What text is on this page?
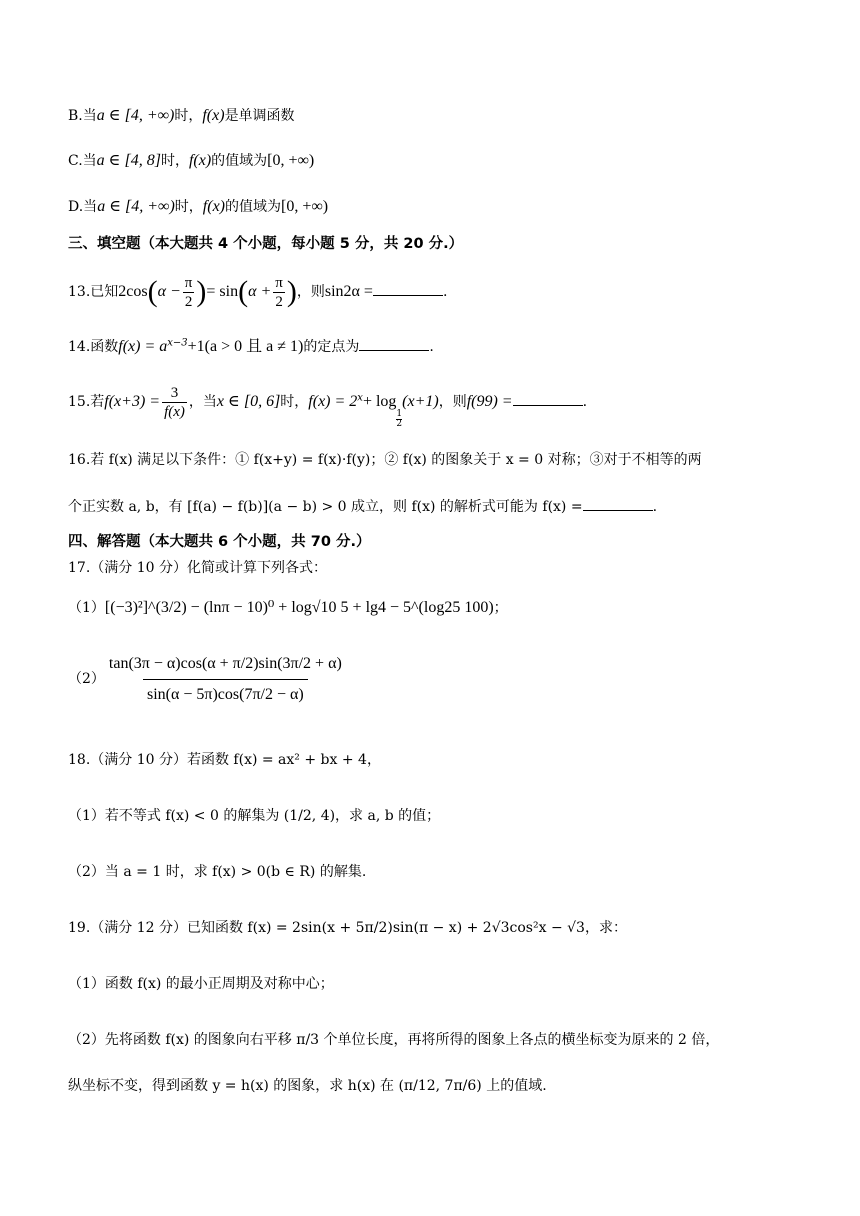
B.当a ∈ [4, +∞)时，f(x)是单调函数
C.当a ∈ [4, 8]时，f(x)的值域为[0, +∞)
D.当a ∈ [4, +∞)时，f(x)的值域为[0, +∞)
三、填空题（本大题共 4 个小题，每小题 5 分，共 20 分.）
13.已知$2\cos(\alpha - \frac{\pi}{2}$ )= $\sin(\alpha + \frac{\pi}{2}$ )，则sin2α =	.
14.函数$f(x) = a^{x-3}+1(a > 0$ 且 a ≠ 1)的定点为	.
15.若$f(x+3) = \frac{3}{f(x)}$ ，当x ∈ [0, 6]时，$f(x) = 2^x+ \log$
$\frac{1}{2}$
(x+1)，则f(99) =	.
16.若 f(x) 满足以下条件：① f(x+y) = f(x)·f(y)；② f(x) 的图象关于 x = 0 对称；③对于不相等的两
个正实数 a, b，有 [f(a) − f(b)](a − b) > 0 成立，则 f(x) 的解析式可能为 f(x) =	.
四、解答题（本大题共 6 个小题，共 70 分.）
17.（满分 10 分）化简或计算下列各式：
（1）[(−3)²]^(3/2) − (lnπ − 10)⁰ + log√10 5 + lg4 − 5^(log25 100)；
$(2) \frac{\tan(3\pi - \alpha)\cos(\alpha + \pi/2)\sin(3\pi/2 + \alpha)}{\sin(\alpha - 5\pi)\cos(7\pi/2 - \alpha)}$
18.（满分 10 分）若函数 f(x) = ax² + bx + 4，
（1）若不等式 f(x) < 0 的解集为 (1/2, 4)，求 a, b 的值；
（2）当 a = 1 时，求 f(x) > 0(b ∈ R) 的解集.
19.（满分 12 分）已知函数 f(x) = 2sin(x + 5π/2)sin(π − x) + 2√3cos²x − √3，求：
（1）函数 f(x) 的最小正周期及对称中心；
（2）先将函数 f(x) 的图象向右平移 π/3 个单位长度，再将所得的图象上各点的横坐标变为原来的 2 倍，
纵坐标不变，得到函数 y = h(x) 的图象，求 h(x) 在 (π/12, 7π/6) 上的值域.
